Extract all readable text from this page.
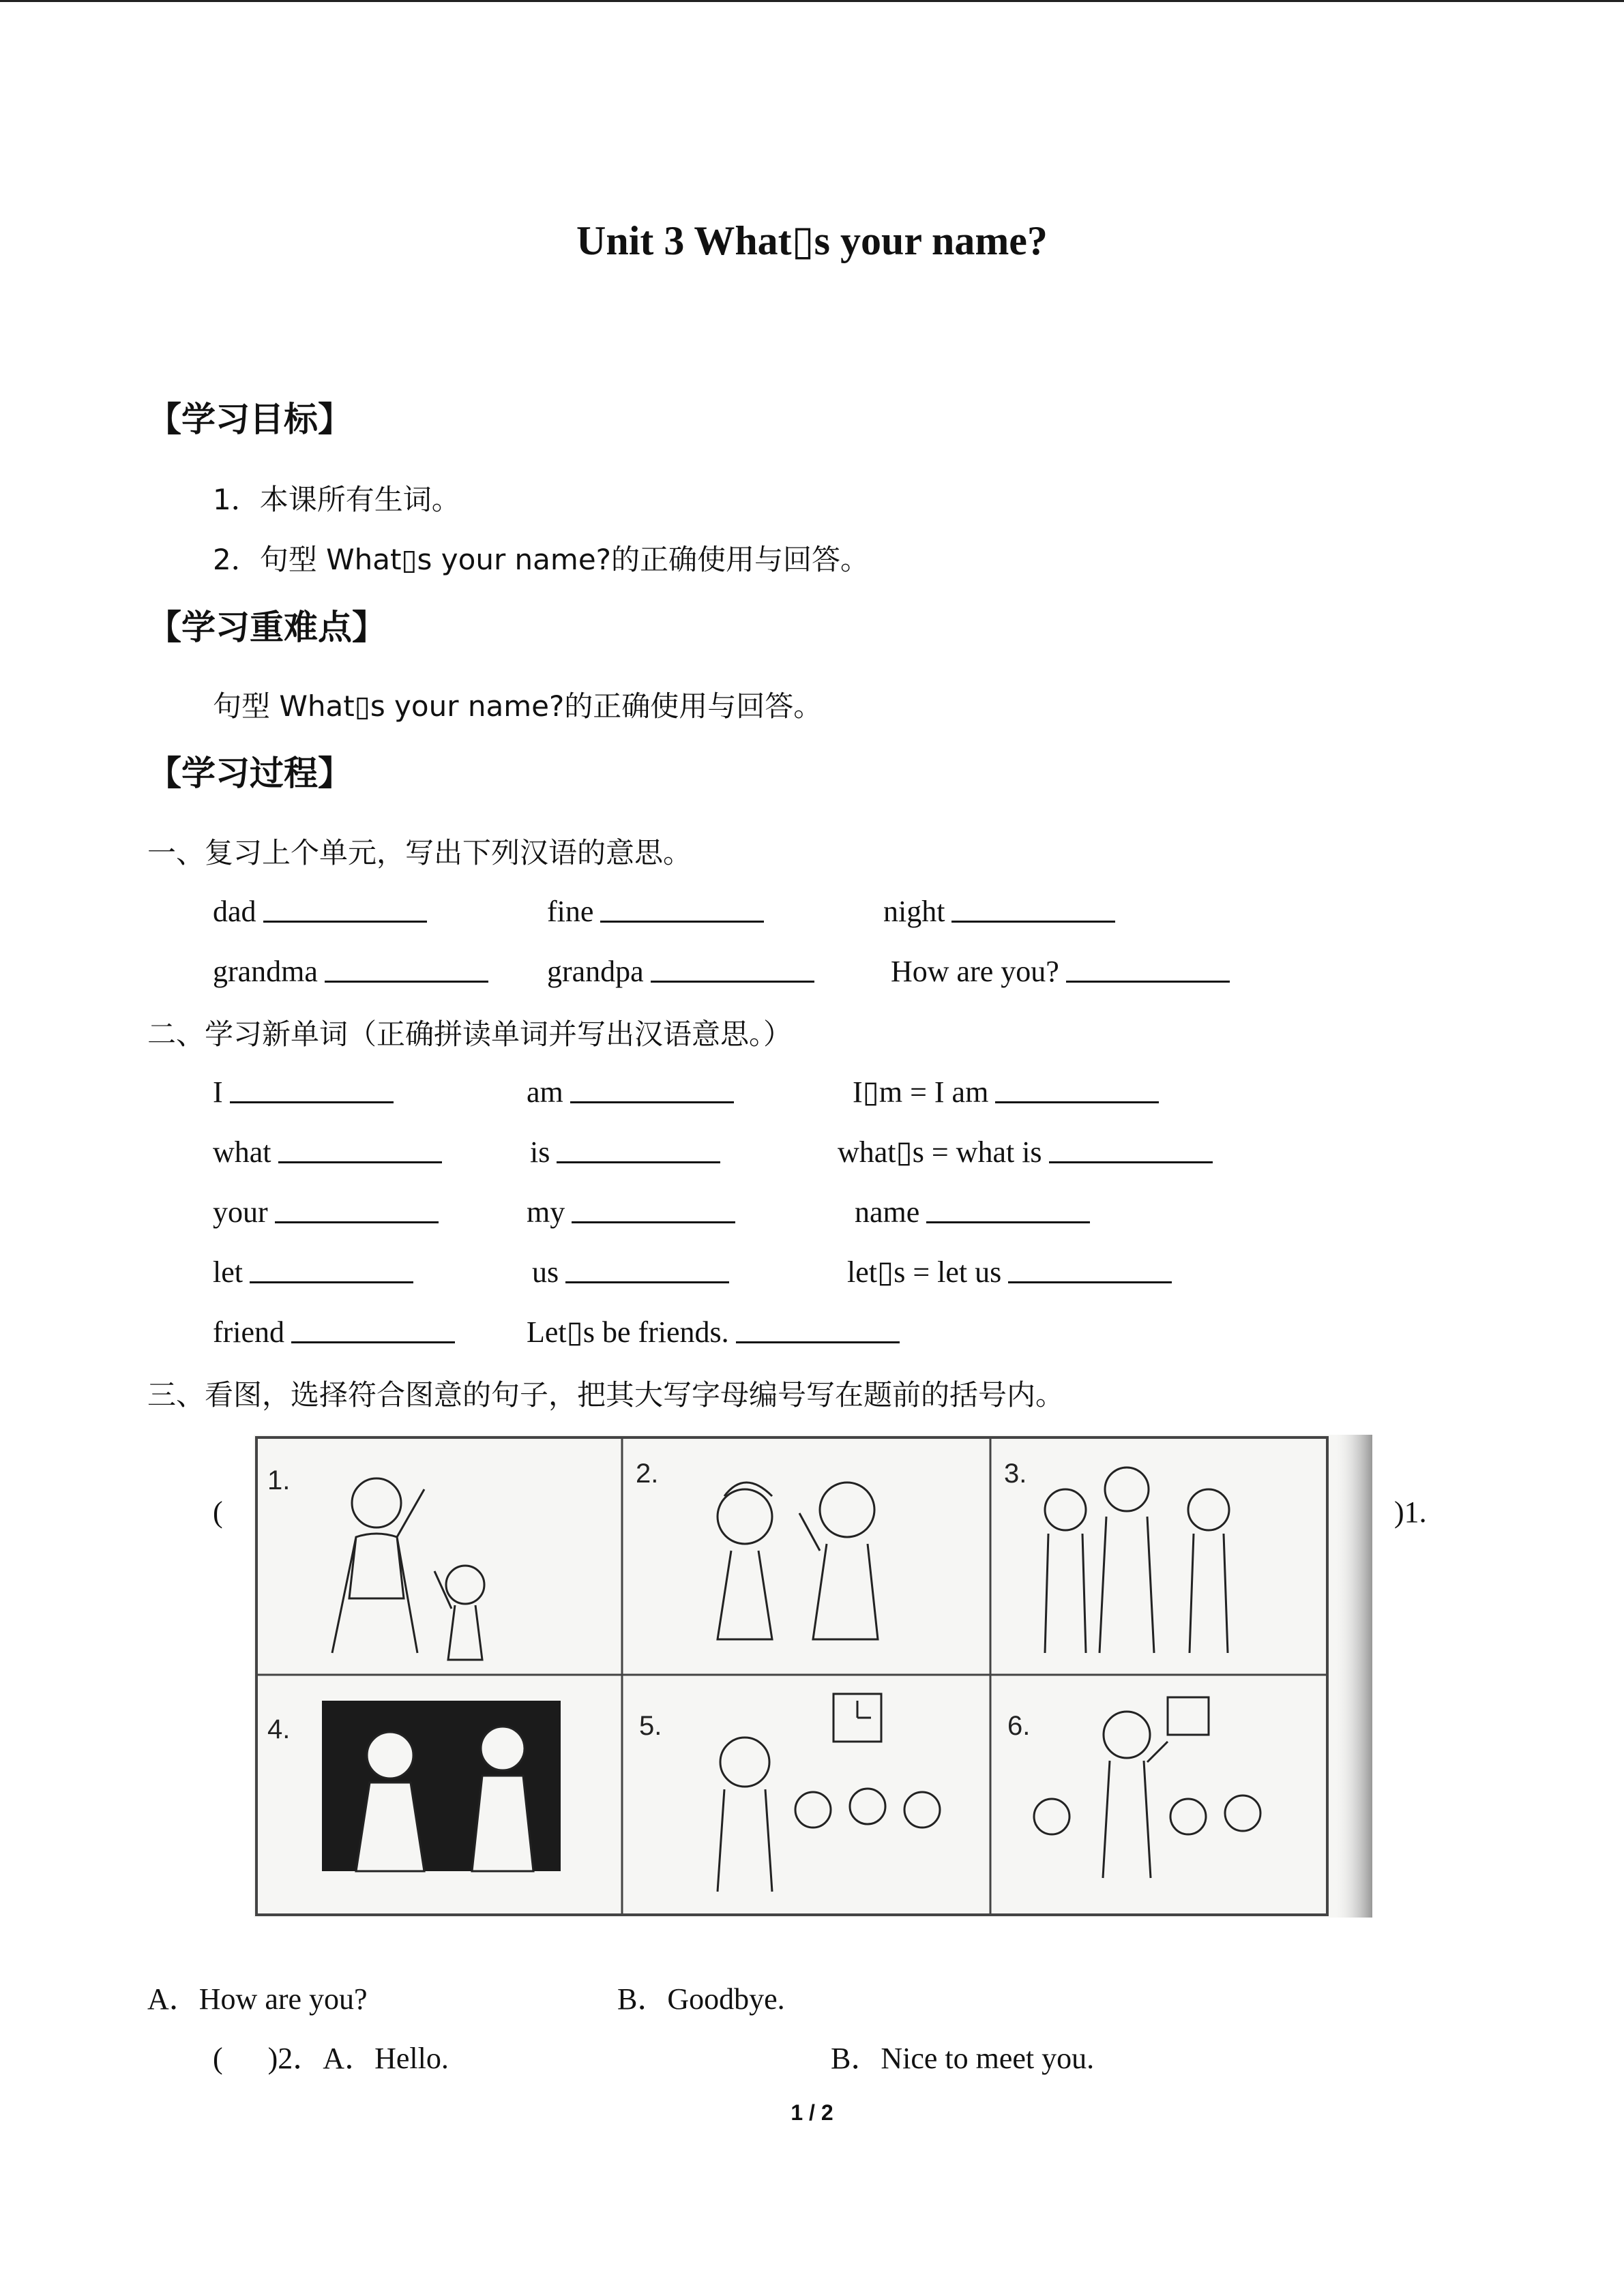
Unit 3 What▯s your name?
【学习目标】
1．本课所有生词。
2．句型 What▯s your name?的正确使用与回答。
【学习重难点】
句型 What▯s your name?的正确使用与回答。
【学习过程】
一、复习上个单元，写出下列汉语的意思。
dad	fine	night
grandma	grandpa	How are you?
二、学习新单词（正确拼读单词并写出汉语意思。）
I	am	I▯m = I am
what	is	what▯s = what is
your	my	name
let	us	let▯s = let us
friend	Let▯s be friends.
三、看图，选择符合图意的句子，把其大写字母编号写在题前的括号内。
(	)1.
1.	2.	3.
4.	5.	6.
A．How are you?	B．Goodbye.
(      )2．A．Hello.	B．Nice to meet you.
1 / 2
